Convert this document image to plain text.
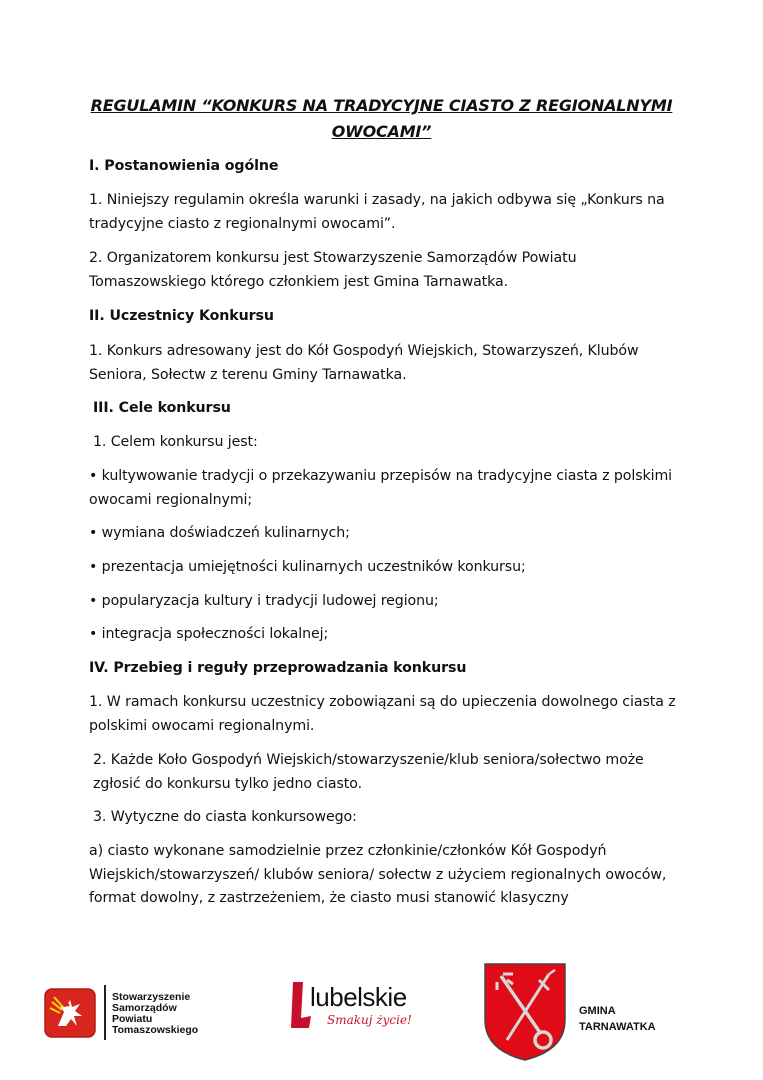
REGULAMIN “KONKURS NA TRADYCYJNE CIASTO Z REGIONALNYMI OWOCAMI”
I. Postanowienia ogólne
1. Niniejszy regulamin określa warunki i zasady, na jakich odbywa się „Konkurs na tradycyjne ciasto z regionalnymi owocami”.
2. Organizatorem konkursu jest Stowarzyszenie Samorządów Powiatu Tomaszowskiego którego członkiem jest Gmina Tarnawatka.
II. Uczestnicy Konkursu
1. Konkurs adresowany jest do Kół Gospodyń Wiejskich, Stowarzyszeń, Klubów Seniora, Sołectw z terenu Gminy Tarnawatka.
III. Cele konkursu
1. Celem konkursu jest:
• kultywowanie tradycji o przekazywaniu przepisów na tradycyjne ciasta z polskimi owocami regionalnymi;
• wymiana doświadczeń kulinarnych;
• prezentacja umiejętności kulinarnych uczestników konkursu;
• popularyzacja kultury i tradycji ludowej regionu;
• integracja społeczności lokalnej;
IV. Przebieg i reguły przeprowadzania konkursu
1. W ramach konkursu uczestnicy zobowiązani są do upieczenia dowolnego ciasta z polskimi owocami regionalnymi.
2. Każde Koło Gospodyń Wiejskich/stowarzyszenie/klub seniora/sołectwo może zgłosić do konkursu tylko jedno ciasto.
3. Wytyczne do ciasta konkursowego:
a) ciasto wykonane samodzielnie przez członkinie/członków Kół Gospodyń Wiejskich/stowarzyszeń/ klubów seniora/ sołectw z użyciem regionalnych owoców, format dowolny, z zastrzeżeniem, że ciasto musi stanowić klasyczny
Stowarzyszenie
Samorządów
Powiatu
Tomaszowskiego
lubelskie
Smakuj życie!
GMINA
TARNAWATKA
